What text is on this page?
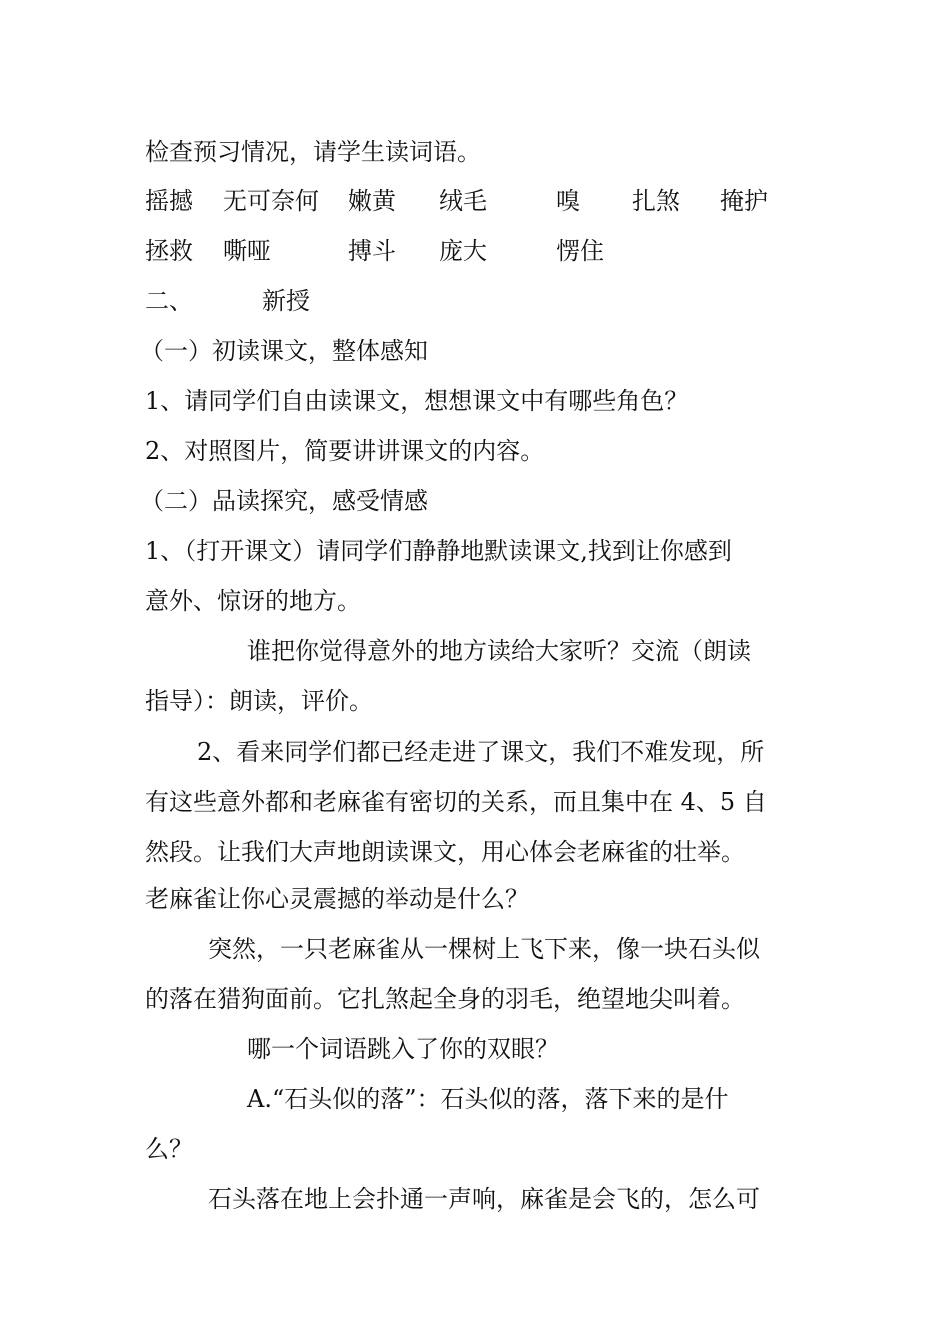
检查预习情况，请学生读词语。

摇撼 无可奈何 嫩黄 绒毛	嗅 扎煞 掩护
拯救 嘶哑	搏斗 庞大	愣住
二、	新授

（一）初读课文，整体感知

1、请同学们自由读课文，想想课文中有哪些角色？

2、对照图片，简要讲讲课文的内容。

（二）品读探究，感受情感

1、（打开课文）请同学们静静地默读课文,找到让你感到

意外、惊讶的地方。

谁把你觉得意外的地方读给大家听？交流（朗读

指导）：朗读，评价。

2、看来同学们都已经走进了课文，我们不难发现，所

有这些意外都和老麻雀有密切的关系，而且集中在 4、5 自

然段。让我们大声地朗读课文，用心体会老麻雀的壮举。

老麻雀让你心灵震撼的举动是什么？

突然，一只老麻雀从一棵树上飞下来，像一块石头似

的落在猎狗面前。它扎煞起全身的羽毛，绝望地尖叫着。

哪一个词语跳入了你的双眼？

A.“石头似的落”：石头似的落，落下来的是什

么？

石头落在地上会扑通一声响，麻雀是会飞的，怎么可
